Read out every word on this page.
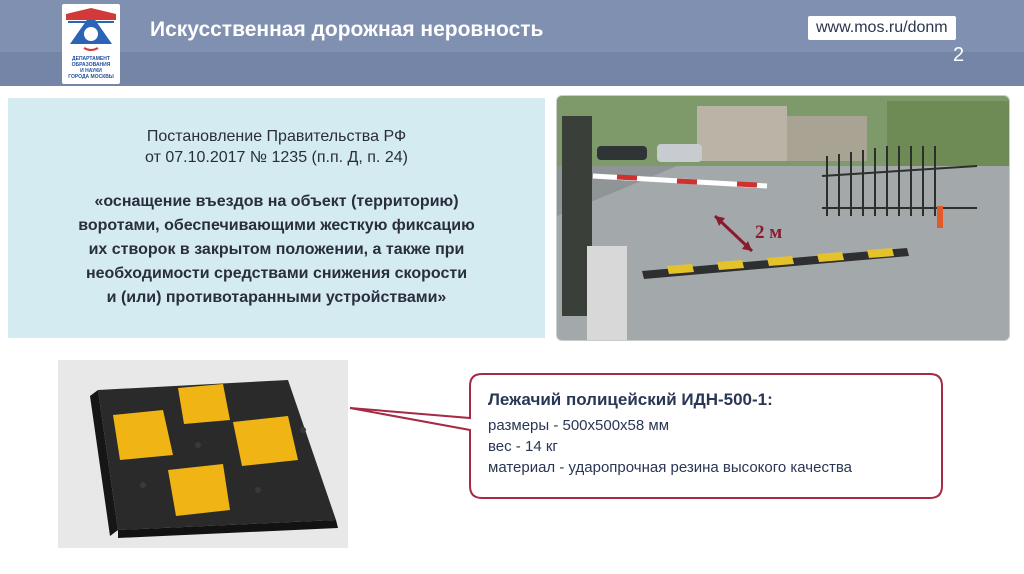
ДЕПАРТАМЕНТ
ОБРАЗОВАНИЯ
И НАУКИ
ГОРОДА МОСКВЫ
Искусственная дорожная неровность	www.mos.ru/donm
2
Постановление Правительства РФ
от 07.10.2017 № 1235 (п.п. Д, п. 24)
«оснащение въездов на объект (территорию)
воротами, обеспечивающими жесткую фиксацию
их створок в закрытом положении, а также при
необходимости средствами снижения скорости
и (или) противотаранными устройствами»
2 м
Лежачий полицейский ИДН-500-1:
размеры - 500х500х58 мм
вес - 14 кг
материал - ударопрочная резина высокого качества
